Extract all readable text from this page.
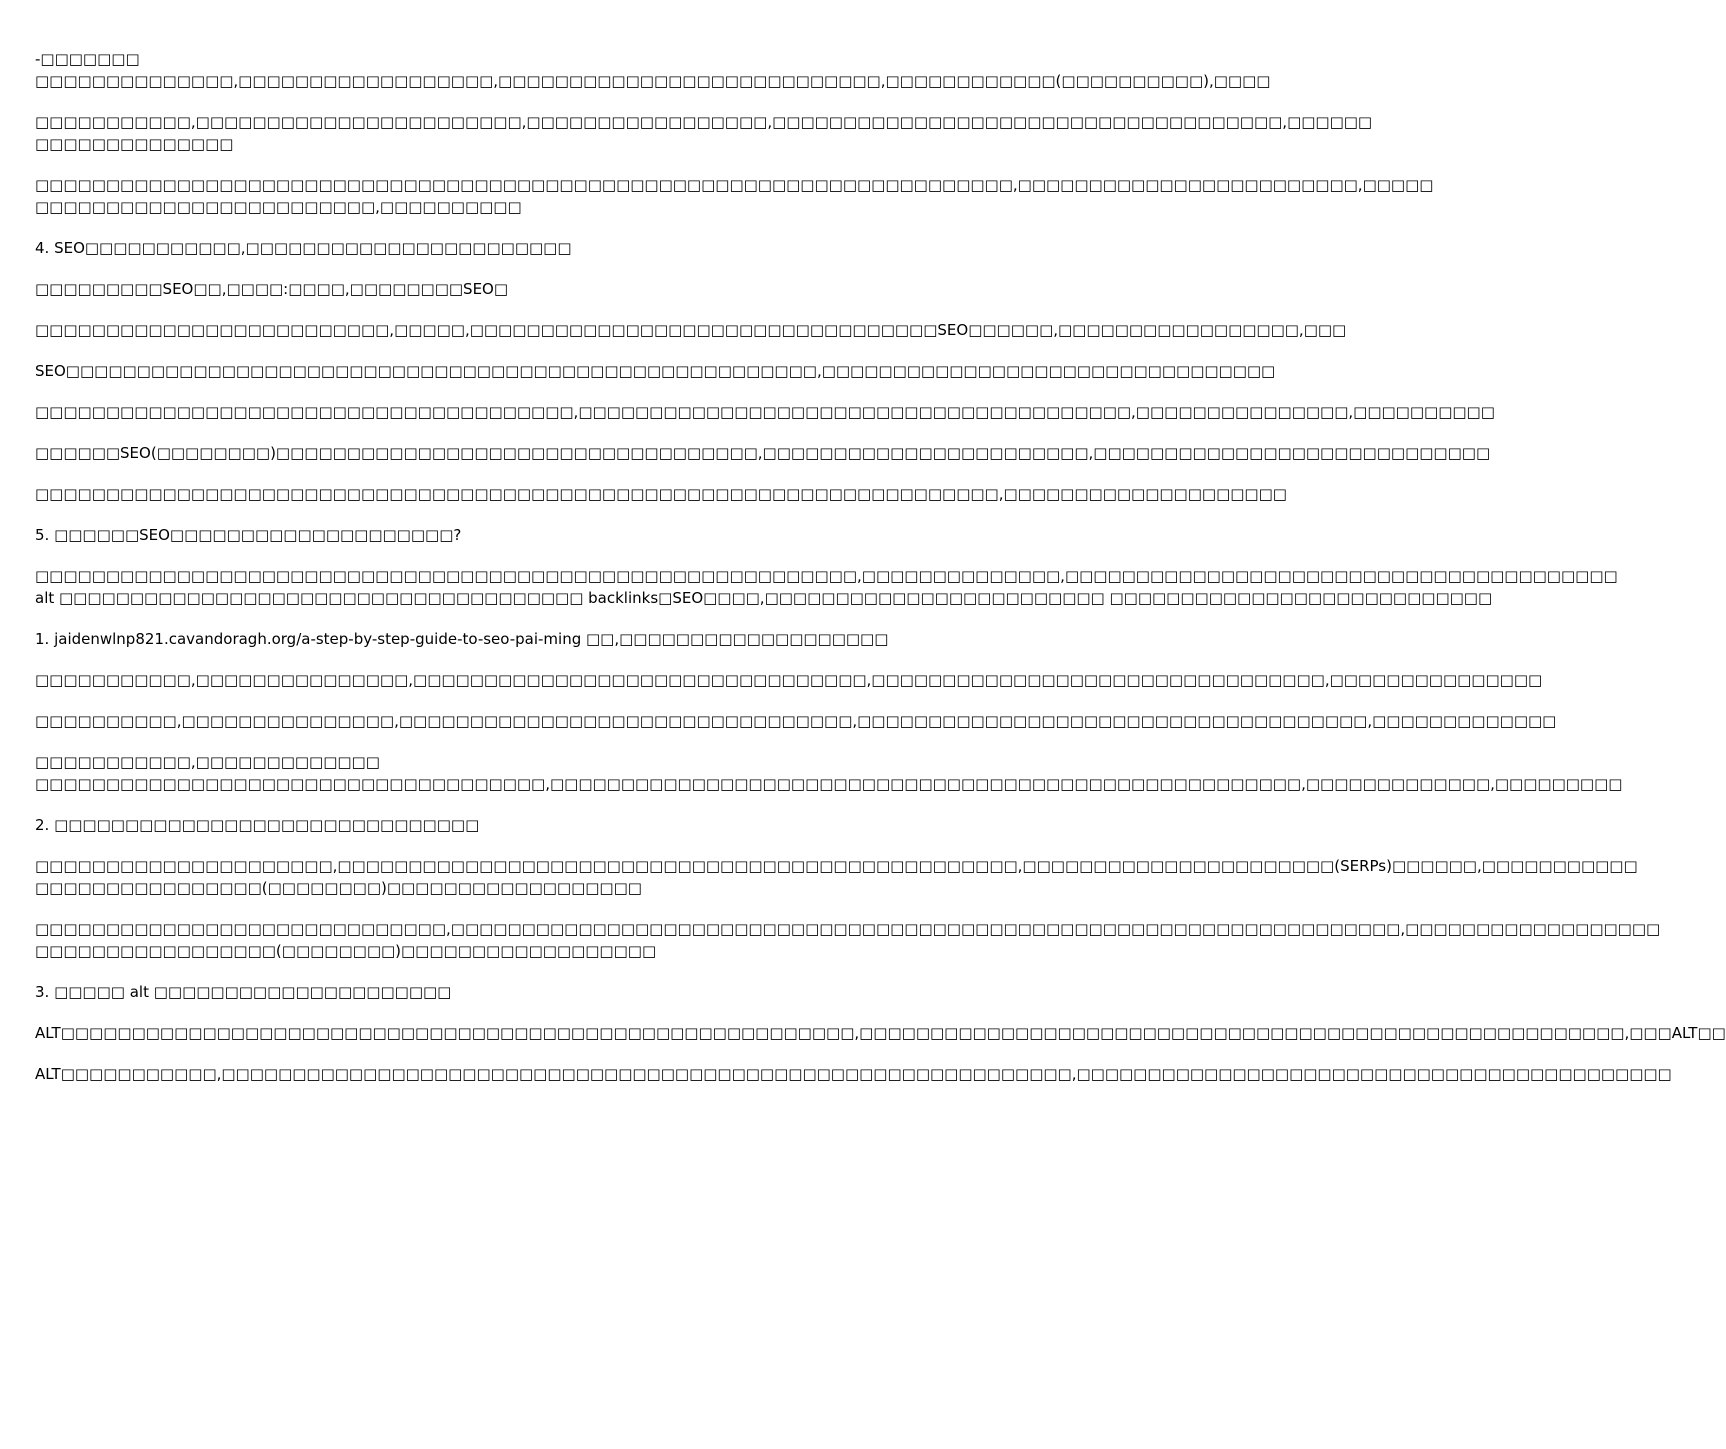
-□□□□□□□
□□□□□□□□□□□□□□,□□□□□□□□□□□□□□□□□□,□□□□□□□□□□□□□□□□□□□□□□□□□□□,□□□□□□□□□□□□(□□□□□□□□□□),□□□□
□□□□□□□□□□□,□□□□□□□□□□□□□□□□□□□□□□□,□□□□□□□□□□□□□□□□□,□□□□□□□□□□□□□□□□□□□□□□□□□□□□□□□□□□□□,□□□□□□
□□□□□□□□□□□□□□
□□□□□□□□□□□□□□□□□□□□□□□□□□□□□□□□□□□□□□□□□□□□□□□□□□□□□□□□□□□□□□□□□□□□□,□□□□□□□□□□□□□□□□□□□□□□□□,□□□□□
□□□□□□□□□□□□□□□□□□□□□□□□,□□□□□□□□□□
4. SEO□□□□□□□□□□□,□□□□□□□□□□□□□□□□□□□□□□□
□□□□□□□□□SEO□□,□□□□:□□□□,□□□□□□□□SEO□
□□□□□□□□□□□□□□□□□□□□□□□□□,□□□□□,□□□□□□□□□□□□□□□□□□□□□□□□□□□□□□□□□SEO□□□□□□,□□□□□□□□□□□□□□□□□,□□□
SEO□□□□□□□□□□□□□□□□□□□□□□□□□□□□□□□□□□□□□□□□□□□□□□□□□□□□□,□□□□□□□□□□□□□□□□□□□□□□□□□□□□□□□□
□□□□□□□□□□□□□□□□□□□□□□□□□□□□□□□□□□□□□□,□□□□□□□□□□□□□□□□□□□□□□□□□□□□□□□□□□□□□□□,□□□□□□□□□□□□□□□,□□□□□□□□□□
□□□□□□SEO(□□□□□□□□)□□□□□□□□□□□□□□□□□□□□□□□□□□□□□□□□□□,□□□□□□□□□□□□□□□□□□□□□□□,□□□□□□□□□□□□□□□□□□□□□□□□□□□□
□□□□□□□□□□□□□□□□□□□□□□□□□□□□□□□□□□□□□□□□□□□□□□□□□□□□□□□□□□□□□□□□□□□□,□□□□□□□□□□□□□□□□□□□□
5. □□□□□□SEO□□□□□□□□□□□□□□□□□□□□?
□□□□□□□□□□□□□□□□□□□□□□□□□□□□□□□□□□□□□□□□□□□□□□□□□□□□□□□□□□,□□□□□□□□□□□□□□,□□□□□□□□□□□□□□□□□□□□□□□□□□□□□□□□□□□□□□□
alt □□□□□□□□□□□□□□□□□□□□□□□□□□□□□□□□□□□□□ backlinks□SEO□□□□,□□□□□□□□□□□□□□□□□□□□□□□□ □□□□□□□□□□□□□□□□□□□□□□□□□□□
1. jaidenwlnp821.cavandoragh.org/a-step-by-step-guide-to-seo-pai-ming □□,□□□□□□□□□□□□□□□□□□□
□□□□□□□□□□□,□□□□□□□□□□□□□□□,□□□□□□□□□□□□□□□□□□□□□□□□□□□□□□□□,□□□□□□□□□□□□□□□□□□□□□□□□□□□□□□□□,□□□□□□□□□□□□□□□
□□□□□□□□□□,□□□□□□□□□□□□□□□,□□□□□□□□□□□□□□□□□□□□□□□□□□□□□□□□,□□□□□□□□□□□□□□□□□□□□□□□□□□□□□□□□□□□□,□□□□□□□□□□□□□
□□□□□□□□□□□,□□□□□□□□□□□□□
□□□□□□□□□□□□□□□□□□□□□□□□□□□□□□□□□□□□,□□□□□□□□□□□□□□□□□□□□□□□□□□□□□□□□□□□□□□□□□□□□□□□□□□□□□,□□□□□□□□□□□□□,□□□□□□□□□
2. □□□□□□□□□□□□□□□□□□□□□□□□□□□□□□
□□□□□□□□□□□□□□□□□□□□□,□□□□□□□□□□□□□□□□□□□□□□□□□□□□□□□□□□□□□□□□□□□□□□□□,□□□□□□□□□□□□□□□□□□□□□□(SERPs)□□□□□□,□□□□□□□□□□□
□□□□□□□□□□□□□□□□(□□□□□□□□)□□□□□□□□□□□□□□□□□□
□□□□□□□□□□□□□□□□□□□□□□□□□□□□□,□□□□□□□□□□□□□□□□□□□□□□□□□□□□□□□□□□□□□□□□□□□□□□□□□□□□□□□□□□□□□□□□□□□,□□□□□□□□□□□□□□□□□□
□□□□□□□□□□□□□□□□□(□□□□□□□□)□□□□□□□□□□□□□□□□□□
3. □□□□□ alt □□□□□□□□□□□□□□□□□□□□□
ALT□□□□□□□□□□□□□□□□□□□□□□□□□□□□□□□□□□□□□□□□□□□□□□□□□□□□□□□□,□□□□□□□□□□□□□□□□□□□□□□□□□□□□□□□□□□□□□□□□□□□□□□□□□□□□□□,□□□ALT□□
ALT□□□□□□□□□□□,□□□□□□□□□□□□□□□□□□□□□□□□□□□□□□□□□□□□□□□□□□□□□□□□□□□□□□□□□□□□,□□□□□□□□□□□□□□□□□□□□□□□□□□□□□□□□□□□□□□□□□□
